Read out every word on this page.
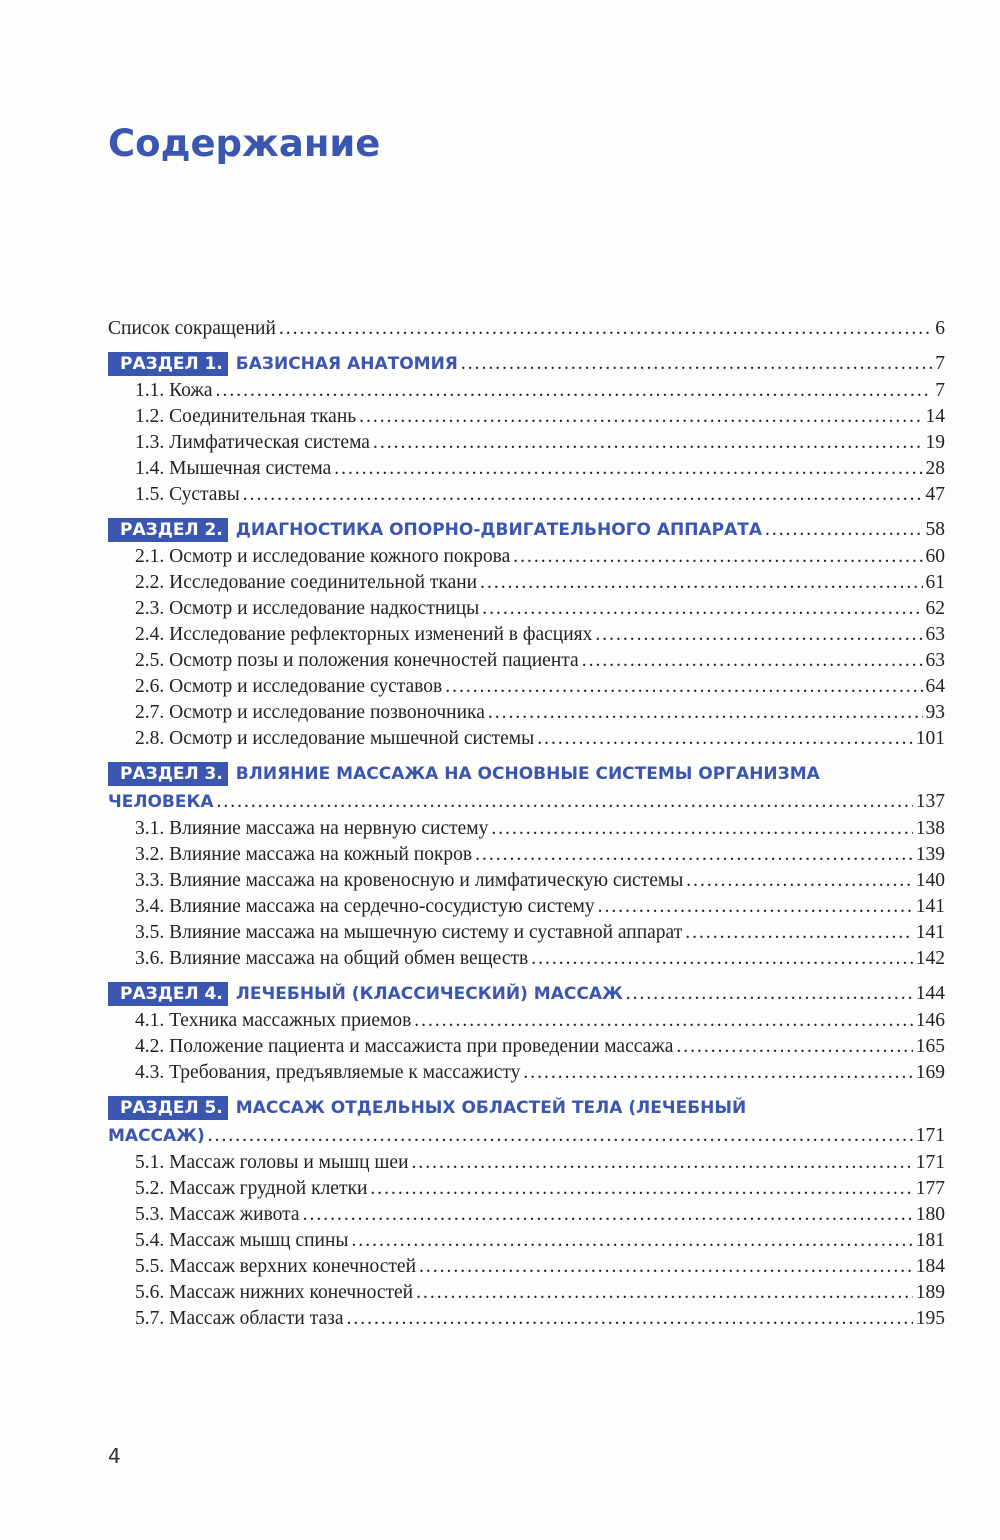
Содержание
Список сокращений .....	6
РАЗДЕЛ 1. БАЗИСНАЯ АНАТОМИЯ .....	7
1.1. Кожа .....	7
1.2. Соединительная ткань .....	14
1.3. Лимфатическая система .....	19
1.4. Мышечная система .....	28
1.5. Суставы .....	47
РАЗДЕЛ 2. ДИАГНОСТИКА ОПОРНО-ДВИГАТЕЛЬНОГО АППАРАТА .....	58
2.1. Осмотр и исследование кожного покрова .....	60
2.2. Исследование соединительной ткани .....	61
2.3. Осмотр и исследование надкостницы .....	62
2.4. Исследование рефлекторных изменений в фасциях .....	63
2.5. Осмотр позы и положения конечностей пациента .....	63
2.6. Осмотр и исследование суставов .....	64
2.7. Осмотр и исследование позвоночника .....	93
2.8. Осмотр и исследование мышечной системы .....	101
РАЗДЕЛ 3. ВЛИЯНИЕ МАССАЖА НА ОСНОВНЫЕ СИСТЕМЫ ОРГАНИЗМА
ЧЕЛОВЕКА .....	137
3.1. Влияние массажа на нервную систему .....	138
3.2. Влияние массажа на кожный покров .....	139
3.3. Влияние массажа на кровеносную и лимфатическую системы .....	140
3.4. Влияние массажа на сердечно-сосудистую систему .....	141
3.5. Влияние массажа на мышечную систему и суставной аппарат .....	141
3.6. Влияние массажа на общий обмен веществ .....	142
РАЗДЕЛ 4. ЛЕЧЕБНЫЙ (КЛАССИЧЕСКИЙ) МАССАЖ .....	144
4.1. Техника массажных приемов .....	146
4.2. Положение пациента и массажиста при проведении массажа .....	165
4.3. Требования, предъявляемые к массажисту .....	169
РАЗДЕЛ 5. МАССАЖ ОТДЕЛЬНЫХ ОБЛАСТЕЙ ТЕЛА (ЛЕЧЕБНЫЙ
МАССАЖ) .....	171
5.1. Массаж головы и мышц шеи .....	171
5.2. Массаж грудной клетки .....	177
5.3. Массаж живота .....	180
5.4. Массаж мышц спины .....	181
5.5. Массаж верхних конечностей .....	184
5.6. Массаж нижних конечностей .....	189
5.7. Массаж области таза .....	195
4
